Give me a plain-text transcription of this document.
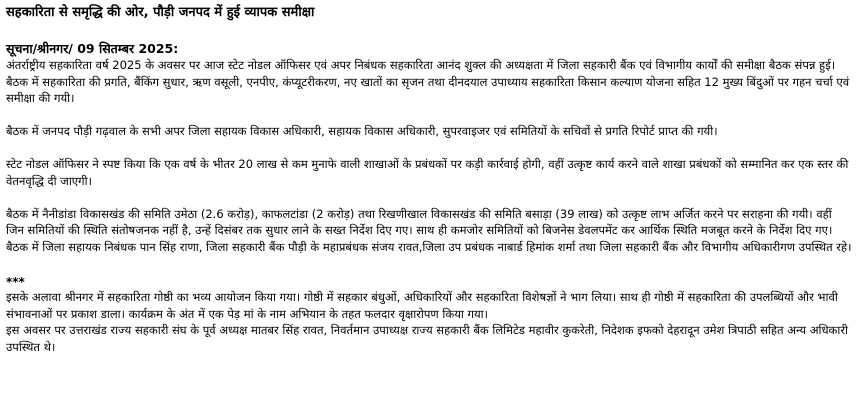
सहकारिता से समृद्धि की ओर, पौड़ी जनपद में हुई व्यापक समीक्षा
सूचना/श्रीनगर/ 09 सितम्बर 2025:

अंतर्राष्ट्रीय सहकारिता वर्ष 2025 के अवसर पर आज स्टेट नोडल ऑफिसर एवं अपर निबंधक सहकारिता आनंद शुक्ल की अध्यक्षता में जिला सहकारी बैंक एवं विभागीय कार्यों की समीक्षा बैठक संपन्न हुई। बैठक में सहकारिता की प्रगति, बैंकिंग सुधार, ऋण वसूली, एनपीए, कंप्यूटरीकरण, नए खातों का सृजन तथा दीनदयाल उपाध्याय सहकारिता किसान कल्याण योजना सहित 12 मुख्य बिंदुओं पर गहन चर्चा एवं समीक्षा की गयी।

बैठक में जनपद पौड़ी गढ़वाल के सभी अपर जिला सहायक विकास अधिकारी, सहायक विकास अधिकारी, सुपरवाइजर एवं समितियों के सचिवों से प्रगति रिपोर्ट प्राप्त की गयी।

स्टेट नोडल ऑफिसर ने स्पष्ट किया कि एक वर्ष के भीतर 20 लाख से कम मुनाफे वाली शाखाओं के प्रबंधकों पर कड़ी कार्रवाई होगी, वहीं उत्कृष्ट कार्य करने वाले शाखा प्रबंधकों को सम्मानित कर एक स्तर की वेतनवृद्धि दी जाएगी।

बैठक में नैनीडांडा विकासखंड की समिति उमेठा (2.6 करोड़), काफलटांडा (2 करोड़) तथा रिखणीखाल विकासखंड की समिति बसाड़ा (39 लाख) को उत्कृष्ट लाभ अर्जित करने पर सराहना की गयी। वहीं जिन समितियों की स्थिति संतोषजनक नहीं है, उन्हें दिसंबर तक सुधार लाने के सख्त निर्देश दिए गए। साथ ही कमजोर समितियों को बिजनेस डेवलपमेंट कर आर्थिक स्थिति मजबूत करने के निर्देश दिए गए।

बैठक में जिला सहायक निबंधक पान सिंह राणा, जिला सहकारी बैंक पौड़ी के महाप्रबंधक संजय रावत,जिला उप प्रबंधक नाबार्ड हिमांक शर्मा तथा जिला सहकारी बैंक और विभागीय अधिकारीगण उपस्थित रहे।

***

इसके अलावा श्रीनगर में सहकारिता गोष्ठी का भव्य आयोजन किया गया। गोष्ठी में सहकार बंधुओं, अधिकारियों और सहकारिता विशेषज्ञों ने भाग लिया। साथ ही गोष्ठी में सहकारिता की उपलब्धियों और भावी संभावनाओं पर प्रकाश डाला। कार्यक्रम के अंत में एक पेड़ मां के नाम अभियान के तहत फलदार वृक्षारोपण किया गया।

इस अवसर पर उत्तराखंड राज्य सहकारी संघ के पूर्व अध्यक्ष मातबर सिंह रावत, निवर्तमान उपाध्यक्ष राज्य सहकारी बैंक लिमिटेड महावीर कुकरेती, निदेशक इफको देहरादून उमेश त्रिपाठी सहित अन्य अधिकारी उपस्थित थे।
